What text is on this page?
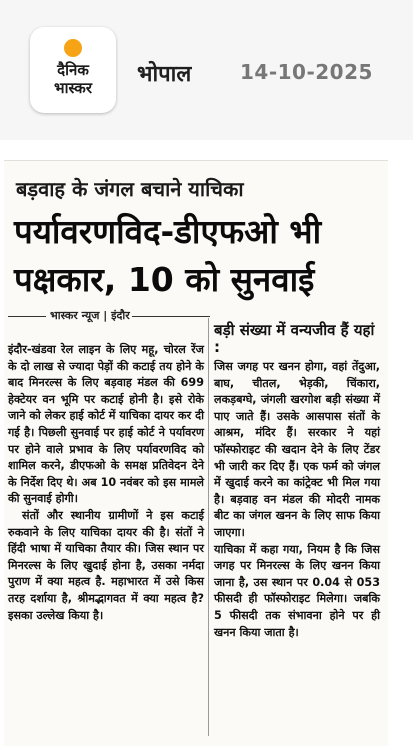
दैनिक
भास्कर
भोपाल 14-10-2025
बड़वाह के जंगल बचाने याचिका
पर्यावरणविद-डीएफओ भी
पक्षकार, 10 को सुनवाई
भास्कर न्यूज | इंदौर

इंदौर-खंडवा रेल लाइन के लिए महू, चोरल रेंज के दो लाख से ज्यादा पेड़ों की कटाई तय होने के बाद मिनरल्स के लिए बड़वाह मंडल की 699 हेक्टेयर वन भूमि पर कटाई होनी है। इसे रोके जाने को लेकर हाई कोर्ट में याचिका दायर कर दी गई है। पिछली सुनवाई पर हाई कोर्ट ने पर्यावरण पर होने वाले प्रभाव के लिए पर्यावरणविद को शामिल करने, डीएफओ के समक्ष प्रतिवेदन देने के निर्देश दिए थे। अब 10 नवंबर को इस मामले की सुनवाई होगी।

संतों और स्थानीय ग्रामीणों ने इस कटाई रुकवाने के लिए याचिका दायर की है। संतों ने हिंदी भाषा में याचिका तैयार की। जिस स्थान पर मिनरल्स के लिए खुदाई होना है, उसका नर्मदा पुराण में क्या महत्व है. महाभारत में उसे किस तरह दर्शाया है, श्रीमद्भागवत में क्या महत्व है? इसका उल्लेख किया है।

बड़ी संख्या में वन्यजीव हैं यहां :

जिस जगह पर खनन होगा, वहां तेंदुआ, बाघ, चीतल, भेड़की, चिंकारा, लकड़बग्घे, जंगली खरगोश बड़ी संख्या में पाए जाते हैं। उसके आसपास संतों के आश्रम, मंदिर हैं। सरकार ने यहां फॉस्फोराइट की खदान देने के लिए टेंडर भी जारी कर दिए हैं। एक फर्म को जंगल में खुदाई करने का कांट्रेक्ट भी मिल गया है। बड़वाह वन मंडल की मोदरी नामक बीट का जंगल खनन के लिए साफ किया जाएगा।

याचिका में कहा गया, नियम है कि जिस जगह पर मिनरल्स के लिए खनन किया जाना है, उस स्थान पर 0.04 से 053 फीसदी ही फॉस्फोराइट मिलेगा। जबकि 5 फीसदी तक संभावना होने पर ही खनन किया जाता है।
